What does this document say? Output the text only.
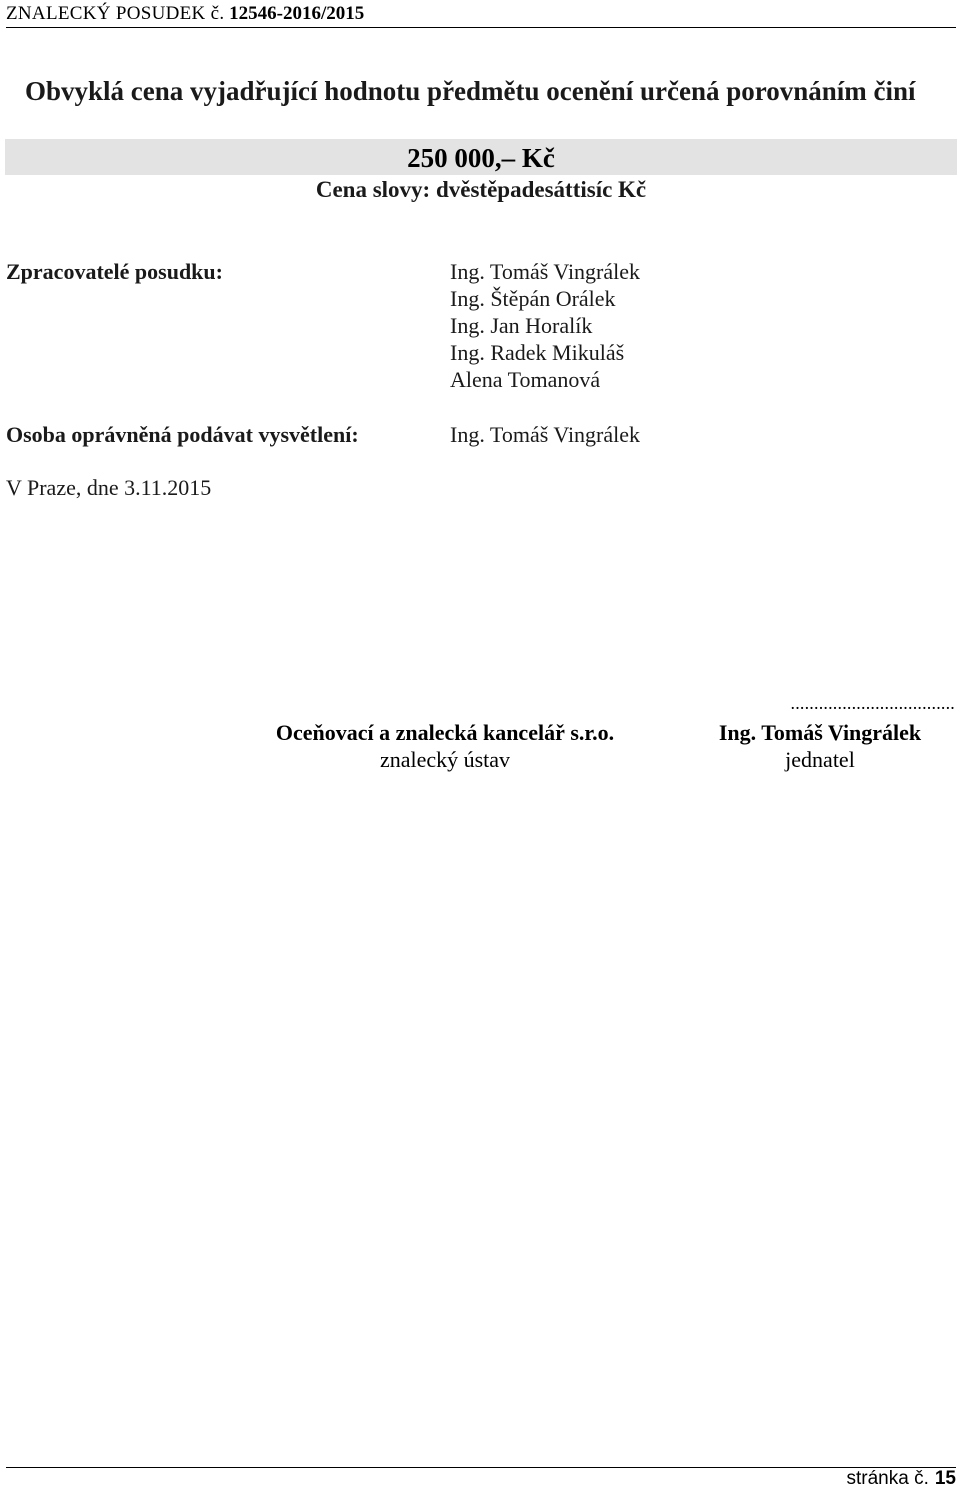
ZNALECKÝ POSUDEK č. 12546-2016/2015
Obvyklá cena vyjadřující hodnotu předmětu ocenění určená porovnáním činí
250 000,– Kč
Cena slovy: dvěstěpadesáttisíc Kč
Zpracovatelé posudku:	Ing. Tomáš Vingrálek
Ing. Štěpán Orálek
Ing. Jan Horalík
Ing. Radek Mikuláš
Alena Tomanová
Osoba oprávněná podávat vysvětlení:	Ing. Tomáš Vingrálek
V Praze, dne 3.11.2015
Oceňovací a znalecká kancelář s.r.o.
znalecký ústav
...................................
Ing. Tomáš Vingrálek
jednatel
stránka č. 15
